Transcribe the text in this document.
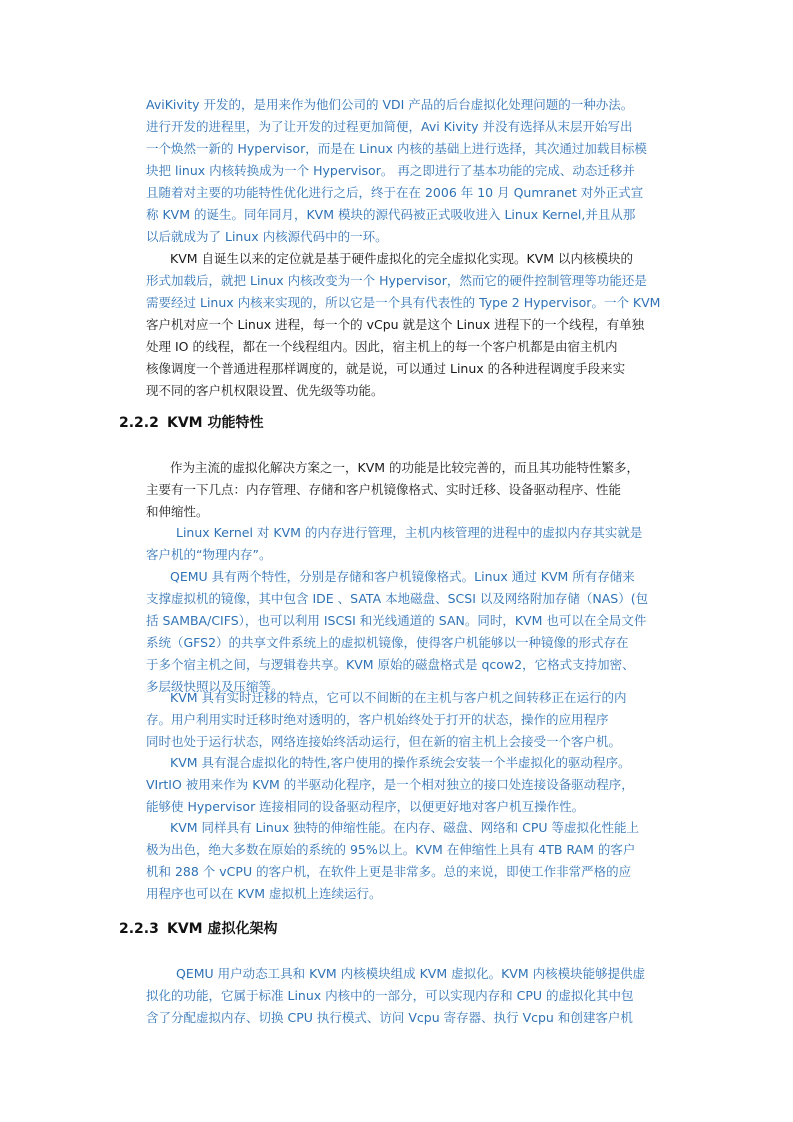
AviKivity 开发的，是用来作为他们公司的 VDI 产品的后台虚拟化处理问题的一种办法。
进行开发的进程里，为了让开发的过程更加简便，Avi Kivity 并没有选择从末层开始写出
一个焕然一新的 Hypervisor，而是在 Linux 内核的基础上进行选择，其次通过加载目标模
块把 linux 内核转换成为一个 Hypervisor。 再之即进行了基本功能的完成、动态迁移并
且随着对主要的功能特性优化进行之后，终于在在 2006 年 10 月 Qumranet 对外正式宣
称 KVM 的诞生。同年同月，KVM 模块的源代码被正式吸收进入 Linux Kernel,并且从那
以后就成为了 Linux 内核源代码中的一环。
KVM 自诞生以来的定位就是基于硬件虚拟化的完全虚拟化实现。KVM 以内核模块的
形式加载后，就把 Linux 内核改变为一个 Hypervisor，然而它的硬件控制管理等功能还是
需要经过 Linux 内核来实现的，所以它是一个具有代表性的 Type 2 Hypervisor。一个 KVM
客户机对应一个 Linux 进程，每一个的 vCpu 就是这个 Linux 进程下的一个线程，有单独
处理 IO 的线程，都在一个线程组内。因此，宿主机上的每一个客户机都是由宿主机内
核像调度一个普通进程那样调度的，就是说，可以通过 Linux 的各种进程调度手段来实
现不同的客户机权限设置、优先级等功能。
2.2.2 KVM 功能特性
作为主流的虚拟化解决方案之一，KVM 的功能是比较完善的，而且其功能特性繁多，
主要有一下几点：内存管理、存储和客户机镜像格式、实时迁移、设备驱动程序、性能
和伸缩性。
Linux Kernel 对 KVM 的内存进行管理，主机内核管理的进程中的虚拟内存其实就是
客户机的“物理内存”。
QEMU 具有两个特性，分别是存储和客户机镜像格式。Linux 通过 KVM 所有存储来
支撑虚拟机的镜像，其中包含 IDE 、SATA 本地磁盘、SCSI 以及网络附加存储（NAS）(包
括 SAMBA/CIFS），也可以利用 ISCSI 和光线通道的 SAN。同时，KVM 也可以在全局文件
系统（GFS2）的共享文件系统上的虚拟机镜像，使得客户机能够以一种镜像的形式存在
于多个宿主机之间，与逻辑卷共享。KVM 原始的磁盘格式是 qcow2，它格式支持加密、
多层级快照以及压缩等。
KVM 具有实时迁移的特点，它可以不间断的在主机与客户机之间转移正在运行的内
存。用户利用实时迁移时绝对透明的，客户机始终处于打开的状态，操作的应用程序
同时也处于运行状态，网络连接始终活动运行，但在新的宿主机上会接受一个客户机。
KVM 具有混合虚拟化的特性,客户使用的操作系统会安装一个半虚拟化的驱动程序。
VIrtIO 被用来作为 KVM 的半驱动化程序，是一个相对独立的接口处连接设备驱动程序，
能够使 Hypervisor 连接相同的设备驱动程序，以便更好地对客户机互操作性。
KVM 同样具有 Linux 独特的伸缩性能。在内存、磁盘、网络和 CPU 等虚拟化性能上
极为出色，绝大多数在原始的系统的 95%以上。KVM 在伸缩性上具有 4TB RAM 的客户
机和 288 个 vCPU 的客户机，在软件上更是非常多。总的来说，即使工作非常严格的应
用程序也可以在 KVM 虚拟机上连续运行。
2.2.3 KVM 虚拟化架构
QEMU 用户动态工具和 KVM 内核模块组成 KVM 虚拟化。KVM 内核模块能够提供虚
拟化的功能，它属于标准 Linux 内核中的一部分，可以实现内存和 CPU 的虚拟化其中包
含了分配虚拟内存、切换 CPU 执行模式、访问 Vcpu 寄存器、执行 Vcpu 和创建客户机
